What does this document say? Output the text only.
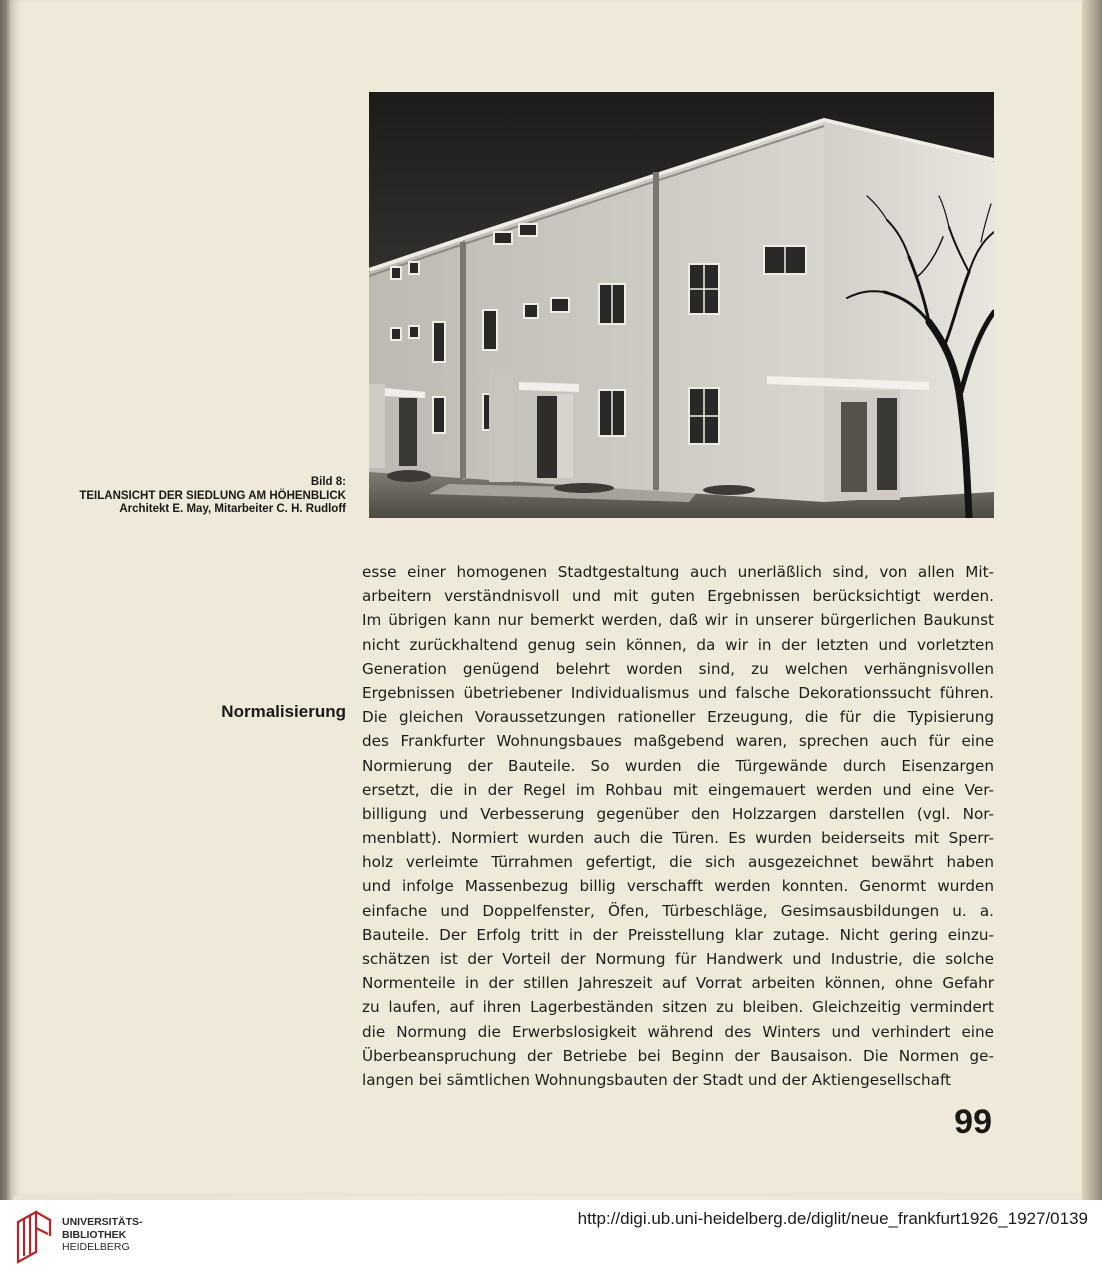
Bild 8:
TEILANSICHT DER SIEDLUNG AM HÖHENBLICK
Architekt E. May, Mitarbeiter C. H. Rudloff
Normalisierung
esse einer homogenen Stadtgestaltung auch unerläßlich sind, von allen Mit-
arbeitern verständnisvoll und mit guten Ergebnissen berücksichtigt werden.
Im übrigen kann nur bemerkt werden, daß wir in unserer bürgerlichen Baukunst
nicht zurückhaltend genug sein können, da wir in der letzten und vorletzten
Generation genügend belehrt worden sind, zu welchen verhängnisvollen
Ergebnissen übetriebener Individualismus und falsche Dekorationssucht führen.
Die gleichen Voraussetzungen rationeller Erzeugung, die für die Typisierung
des Frankfurter Wohnungsbaues maßgebend waren, sprechen auch für eine
Normierung der Bauteile. So wurden die Türgewände durch Eisenzargen
ersetzt, die in der Regel im Rohbau mit eingemauert werden und eine Ver-
billigung und Verbesserung gegenüber den Holzzargen darstellen (vgl. Nor-
menblatt). Normiert wurden auch die Türen. Es wurden beiderseits mit Sperr-
holz verleimte Türrahmen gefertigt, die sich ausgezeichnet bewährt haben
und infolge Massenbezug billig verschafft werden konnten. Genormt wurden
einfache und Doppelfenster, Öfen, Türbeschläge, Gesimsausbildungen u. a.
Bauteile. Der Erfolg tritt in der Preisstellung klar zutage. Nicht gering einzu-
schätzen ist der Vorteil der Normung für Handwerk und Industrie, die solche
Normenteile in der stillen Jahreszeit auf Vorrat arbeiten können, ohne Gefahr
zu laufen, auf ihren Lagerbeständen sitzen zu bleiben. Gleichzeitig vermindert
die Normung die Erwerbslosigkeit während des Winters und verhindert eine
Überbeanspruchung der Betriebe bei Beginn der Bausaison. Die Normen ge-
langen bei sämtlichen Wohnungsbauten der Stadt und der Aktiengesellschaft
99
UNIVERSITÄTS-
BIBLIOTHEK
HEIDELBERG
http://digi.ub.uni-heidelberg.de/diglit/neue_frankfurt1926_1927/0139
